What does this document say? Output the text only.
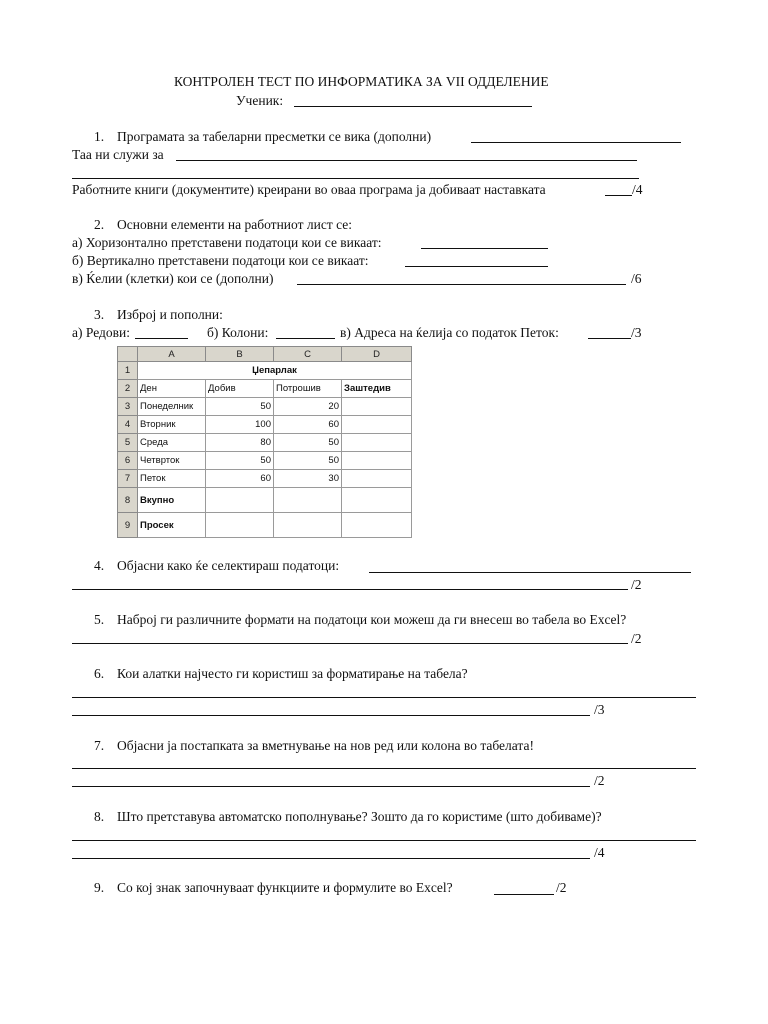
КОНТРОЛЕН ТЕСТ ПО ИНФОРМАТИКА ЗА VII ОДДЕЛЕНИЕ
Ученик:
1. Програмата за табеларни пресметки се вика (дополни)
Таа ни служи за
Работните книги (документите) креирани во оваа програма ја добиваат наставката	/4
2. Основни елементи на работниот лист се:
а) Хоризонтално претставени податоци кои се викаат:
б) Вертикално претставени податоци кои се викаат:
в) Ќелии (клетки) кои се (дополни)	/6
3. Изброј и пополни:
а) Редови:	б) Колони:	в) Адреса на ќелија со податок Петок:	/3
	A	B	C	D
1	Џепарлак			
2	Ден	Добив	Потрошив	Заштедив
3	Понеделник	50	20	
4	Вторник	100	60	
5	Среда	80	50	
6	Четврток	50	50	
7	Петок	60	30	
8	Вкупно			
9	Просек			
4. Објасни како ќе селектираш податоци:
/2
5. Наброј ги различните формати на податоци кои можеш да ги внесеш во табела во Excel?
/2
6. Кои алатки најчесто ги користиш за форматирање на табела?
/3
7. Објасни ја постапката за вметнување на нов ред или колона во табелата!
/2
8. Што претставува автоматско пополнување? Зошто да го користиме (што добиваме)?
/4
9. Со кој знак започнуваат функциите и формулите во Excel?	/2
